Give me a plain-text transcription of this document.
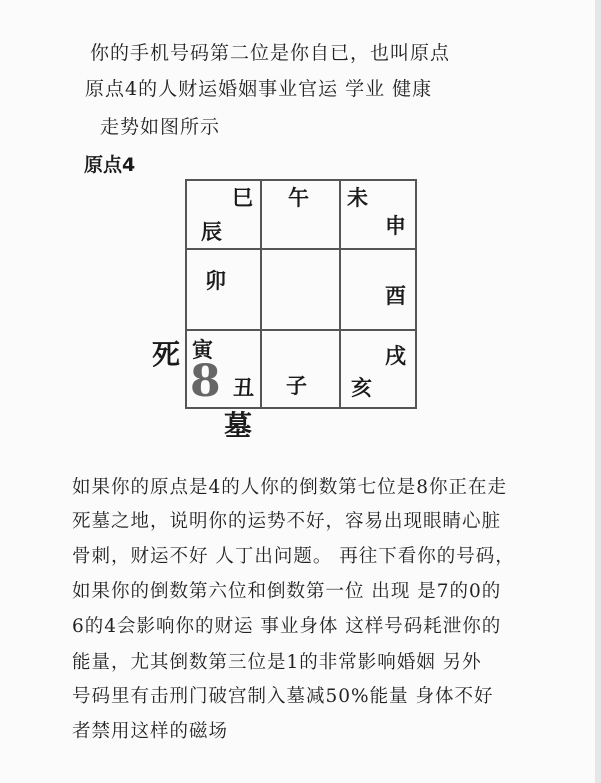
你的手机号码第二位是你自已，也叫原点
原点4的人财运婚姻事业官运 学业 健康
走势如图所示
原点4
巳 午 未
辰	申
卯
酉
寅	戌
丑 子 亥
8
死
墓
如果你的原点是4的人你的倒数第七位是8你正在走
死墓之地，说明你的运势不好，容易出现眼睛心脏
骨刺，财运不好 人丁出问题。 再往下看你的号码，
如果你的倒数第六位和倒数第一位 出现 是7的0的
6的4会影响你的财运 事业身体 这样号码耗泄你的
能量，尤其倒数第三位是1的非常影响婚姻 另外
号码里有击刑门破宫制入墓减50%能量 身体不好
者禁用这样的磁场
